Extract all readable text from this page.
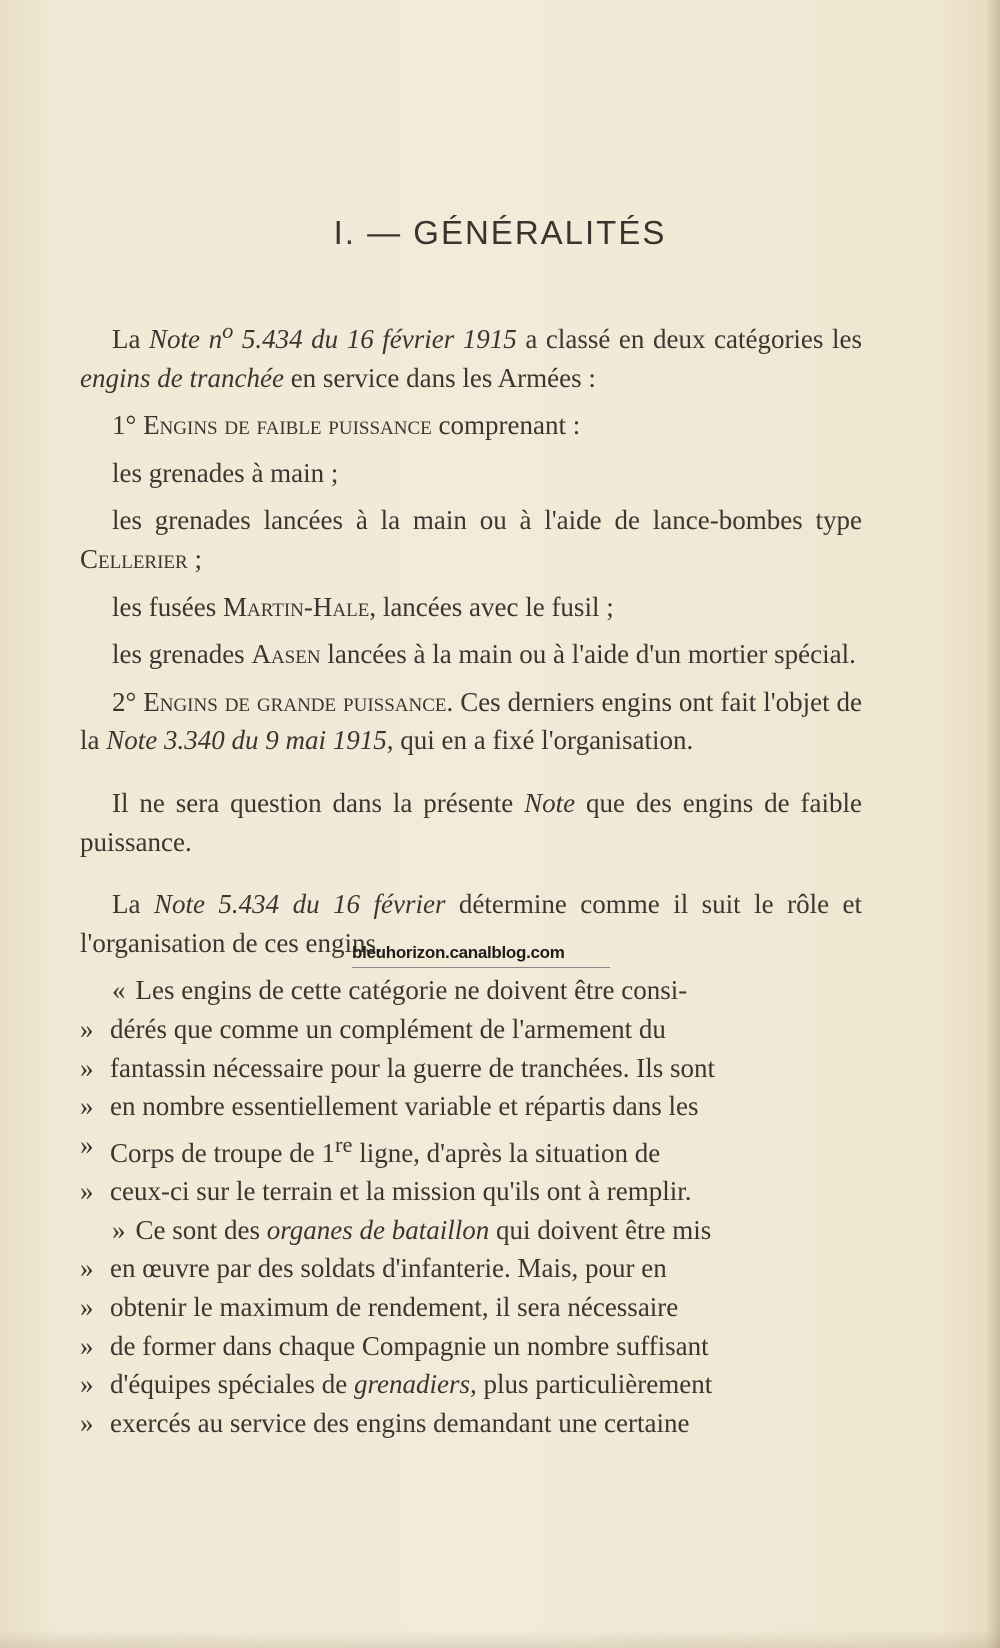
I. — GÉNÉRALITÉS

La Note $n^o$ 5.434 du 16 février 1915 a classé en deux catégories les engins de tranchée en service dans les Armées :

1° Engins de faible puissance comprenant :

les grenades à main ;

les grenades lancées à la main ou à l'aide de lance-bombes type Cellerier ;

les fusées Martin-Hale, lancées avec le fusil ;

les grenades Aasen lancées à la main ou à l'aide d'un mortier spécial.

2° Engins de grande puissance. Ces derniers engins ont fait l'objet de la Note 3.340 du 9 mai 1915, qui en a fixé l'organisation.

Il ne sera question dans la présente Note que des engins de faible puissance.

La Note 5.434 du 16 février détermine comme il suit le rôle et l'organisation de ces engins.

« Les engins de cette catégorie ne doivent être consi-

» dérés que comme un complément de l'armement du

» fantassin nécessaire pour la guerre de tranchées. Ils sont

» en nombre essentiellement variable et répartis dans les

» Corps de troupe de 1re ligne, d'après la situation de

» ceux-ci sur le terrain et la mission qu'ils ont à remplir.

» Ce sont des organes de bataillon qui doivent être mis

» en œuvre par des soldats d'infanterie. Mais, pour en

» obtenir le maximum de rendement, il sera nécessaire

» de former dans chaque Compagnie un nombre suffisant

» d'équipes spéciales de grenadiers, plus particulièrement

» exercés au service des engins demandant une certaine

bleuhorizon.canalblog.com
